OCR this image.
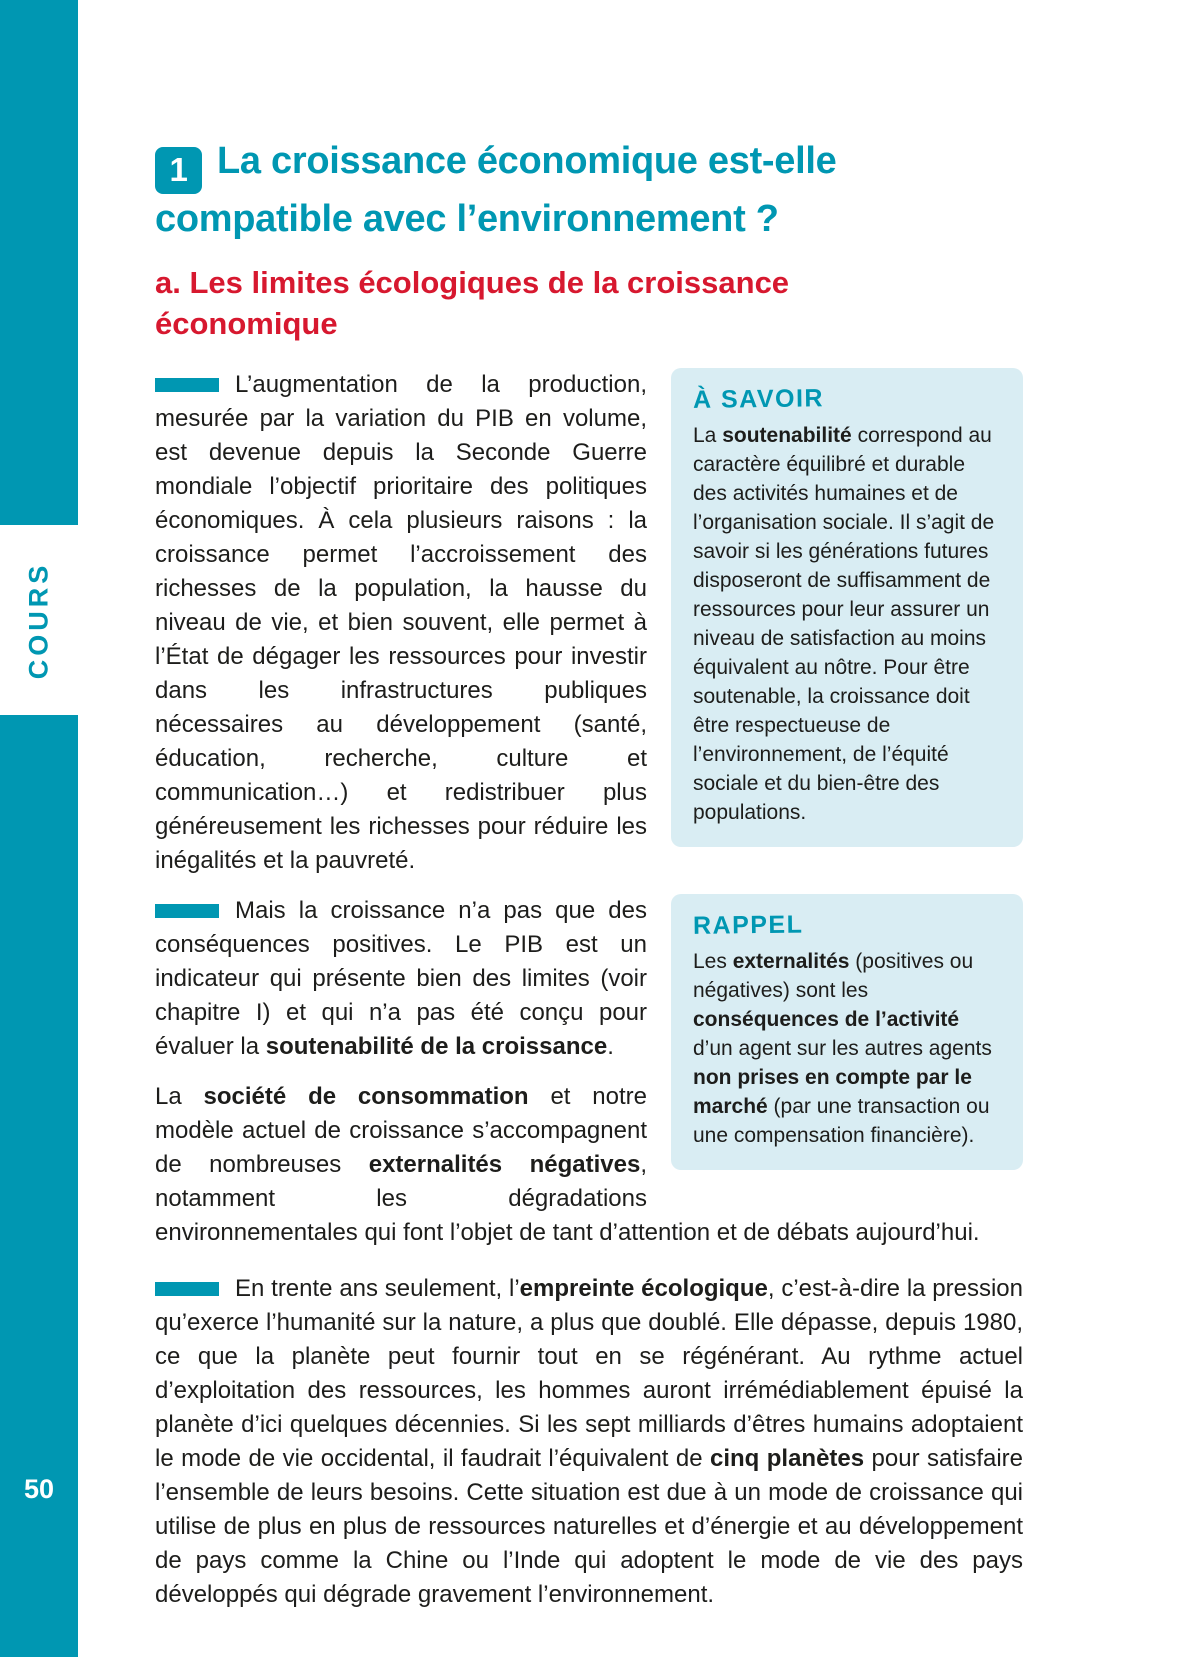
COURS
50
1 La croissance économique est-elle compatible avec l’environnement ?
a. Les limites écologiques de la croissance économique
À SAVOIR
La soutenabilité correspond au caractère équilibré et durable des activités humaines et de l’organisation sociale. Il s’agit de savoir si les générations futures disposeront de suffisamment de ressources pour leur assurer un niveau de satisfaction au moins équivalent au nôtre. Pour être soutenable, la croissance doit être respectueuse de l’environnement, de l’équité sociale et du bien-être des populations.

L’augmentation de la production, mesurée par la variation du PIB en volume, est devenue depuis la Seconde Guerre mondiale l’objectif prioritaire des politiques économiques. À cela plusieurs raisons : la croissance permet l’accroissement des richesses de la population, la hausse du niveau de vie, et bien souvent, elle permet à l’État de dégager les ressources pour investir dans les infrastructures publiques nécessaires au développement (santé, éducation, recherche, culture et communication…) et redistribuer plus généreusement les richesses pour réduire les inégalités et la pauvreté.

RAPPEL
Les externalités (positives ou négatives) sont les conséquences de l’activité d’un agent sur les autres agents non prises en compte par le marché (par une transaction ou une compensation financière).

Mais la croissance n’a pas que des conséquences positives. Le PIB est un indicateur qui présente bien des limites (voir chapitre I) et qui n’a pas été conçu pour évaluer la soutenabilité de la croissance.

La société de consommation et notre modèle actuel de croissance s’accompagnent de nombreuses externalités négatives, notamment les dégradations environnementales qui font l’objet de tant d’attention et de débats aujourd’hui.

En trente ans seulement, l’empreinte écologique, c’est-à-dire la pression qu’exerce l’humanité sur la nature, a plus que doublé. Elle dépasse, depuis 1980, ce que la planète peut fournir tout en se régénérant. Au rythme actuel d’exploitation des ressources, les hommes auront irrémédiablement épuisé la planète d’ici quelques décennies. Si les sept milliards d’êtres humains adoptaient le mode de vie occidental, il faudrait l’équivalent de cinq planètes pour satisfaire l’ensemble de leurs besoins. Cette situation est due à un mode de croissance qui utilise de plus en plus de ressources naturelles et d’énergie et au développement de pays comme la Chine ou l’Inde qui adoptent le mode de vie des pays développés qui dégrade gravement l’environnement.
